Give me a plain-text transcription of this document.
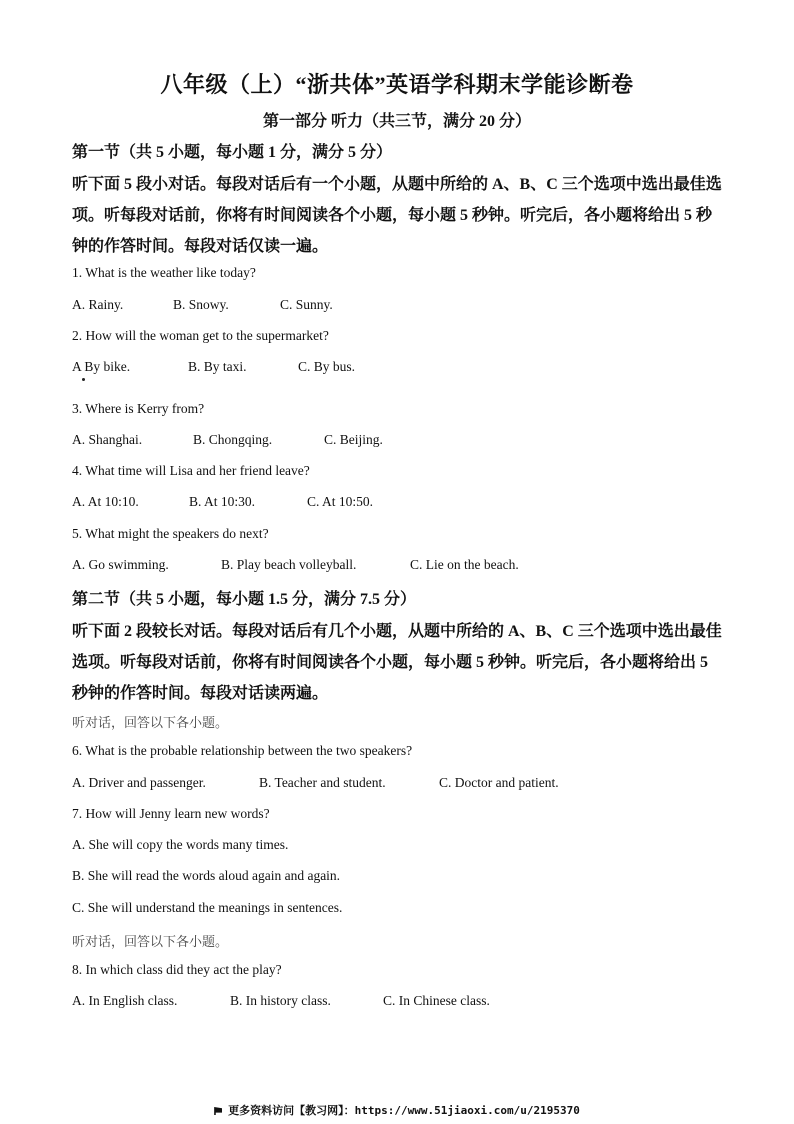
八年级（上）“浙共体”英语学科期末学能诊断卷
第一部分 听力（共三节，满分 20 分）
第一节（共 5 小题，每小题 1 分，满分 5 分）
听下面 5 段小对话。每段对话后有一个小题，从题中所给的 A、B、C 三个选项中选出最佳选
项。听每段对话前，你将有时间阅读各个小题，每小题 5 秒钟。听完后，各小题将给出 5 秒
钟的作答时间。每段对话仅读一遍。
1. What is the weather like today?
A. Rainy.	B. Snowy.	C. Sunny.
2. How will the woman get to the supermarket?
A By bike.	B. By taxi.	C. By bus.
3. Where is Kerry from?
A. Shanghai.	B. Chongqing.	C. Beijing.
4. What time will Lisa and her friend leave?
A. At 10:10.	B. At 10:30.	C. At 10:50.
5. What might the speakers do next?
A. Go swimming.	B. Play beach volleyball.	C. Lie on the beach.
第二节（共 5 小题，每小题 1.5 分，满分 7.5 分）
听下面 2 段较长对话。每段对话后有几个小题，从题中所给的 A、B、C 三个选项中选出最佳
选项。听每段对话前，你将有时间阅读各个小题，每小题 5 秒钟。听完后，各小题将给出 5
秒钟的作答时间。每段对话读两遍。
听对话，回答以下各小题。
6. What is the probable relationship between the two speakers?
A. Driver and passenger.	B. Teacher and student.	C. Doctor and patient.
7. How will Jenny learn new words?
A. She will copy the words many times.
B. She will read the words aloud again and again.
C. She will understand the meanings in sentences.
听对话，回答以下各小题。
8. In which class did they act the play?
A. In English class.	B. In history class.	C. In Chinese class.
更多资料访问【教习网】：https://www.51jiaoxi.com/u/2195370
